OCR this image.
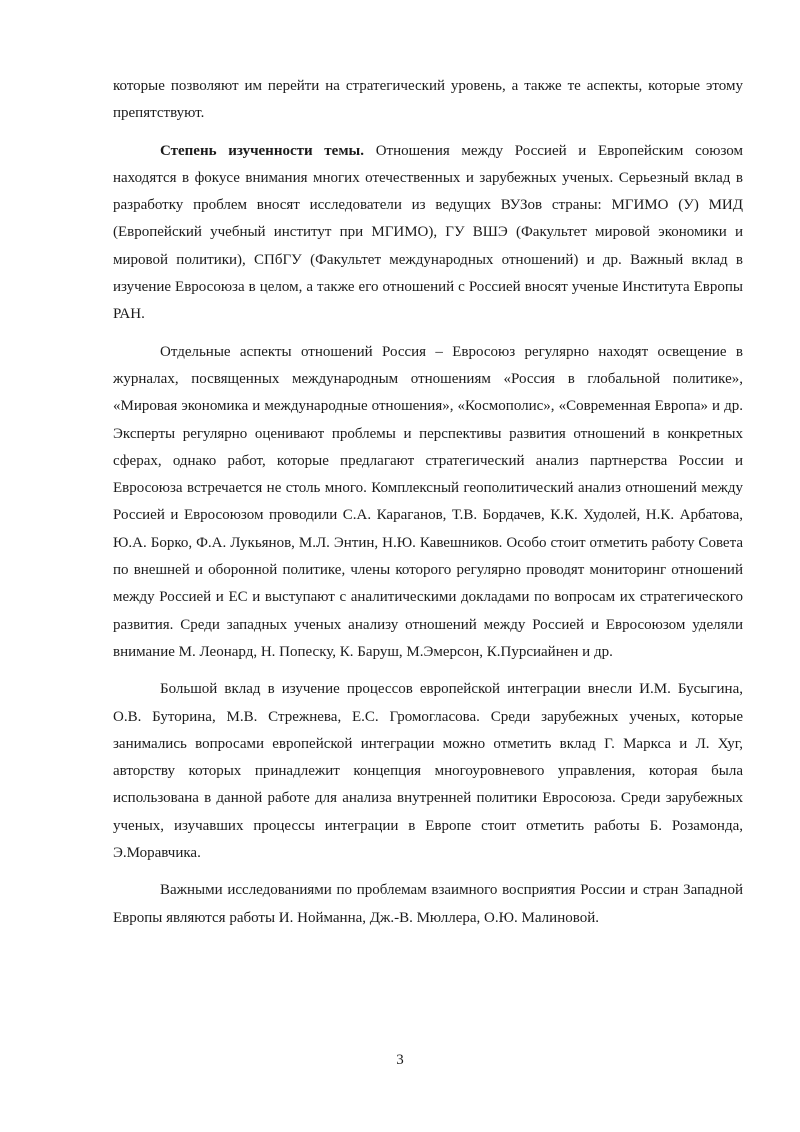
которые позволяют им перейти на стратегический уровень, а также те аспекты, которые этому препятствуют.

Степень изученности темы. Отношения между Россией и Европейским союзом находятся в фокусе внимания многих отечественных и зарубежных ученых. Серьезный вклад в разработку проблем вносят исследователи из ведущих ВУЗов страны: МГИМО (У) МИД (Европейский учебный институт при МГИМО), ГУ ВШЭ (Факультет мировой экономики и мировой политики), СПбГУ (Факультет международных отношений) и др. Важный вклад в изучение Евросоюза в целом, а также его отношений с Россией вносят ученые Института Европы РАН.

Отдельные аспекты отношений Россия – Евросоюз регулярно находят освещение в журналах, посвященных международным отношениям «Россия в глобальной политике», «Мировая экономика и международные отношения», «Космополис», «Современная Европа» и др. Эксперты регулярно оценивают проблемы и перспективы развития отношений в конкретных сферах, однако работ, которые предлагают стратегический анализ партнерства России и Евросоюза встречается не столь много. Комплексный геополитический анализ отношений между Россией и Евросоюзом проводили С.А. Караганов, Т.В. Бордачев, К.К. Худолей, Н.К. Арбатова, Ю.А. Борко, Ф.А. Лукьянов, М.Л. Энтин, Н.Ю. Кавешников. Особо стоит отметить работу Совета по внешней и оборонной политике, члены которого регулярно проводят мониторинг отношений между Россией и ЕС и выступают с аналитическими докладами по вопросам их стратегического развития. Среди западных ученых анализу отношений между Россией и Евросоюзом уделяли внимание М. Леонард, Н. Попеску, К. Баруш, М.Эмерсон, К.Пурсиайнен и др.

Большой вклад в изучение процессов европейской интеграции внесли И.М. Бусыгина, О.В. Буторина, М.В. Стрежнева, Е.С. Громогласова. Среди зарубежных ученых, которые занимались вопросами европейской интеграции можно отметить вклад Г. Маркса и Л. Хуг, авторству которых принадлежит концепция многоуровневого управления, которая была использована в данной работе для анализа внутренней политики Евросоюза. Среди зарубежных ученых, изучавших процессы интеграции в Европе стоит отметить работы Б. Розамонда, Э.Моравчика.

Важными исследованиями по проблемам взаимного восприятия России и стран Западной Европы являются работы И. Нойманна, Дж.-В. Мюллера, О.Ю. Малиновой.

3
